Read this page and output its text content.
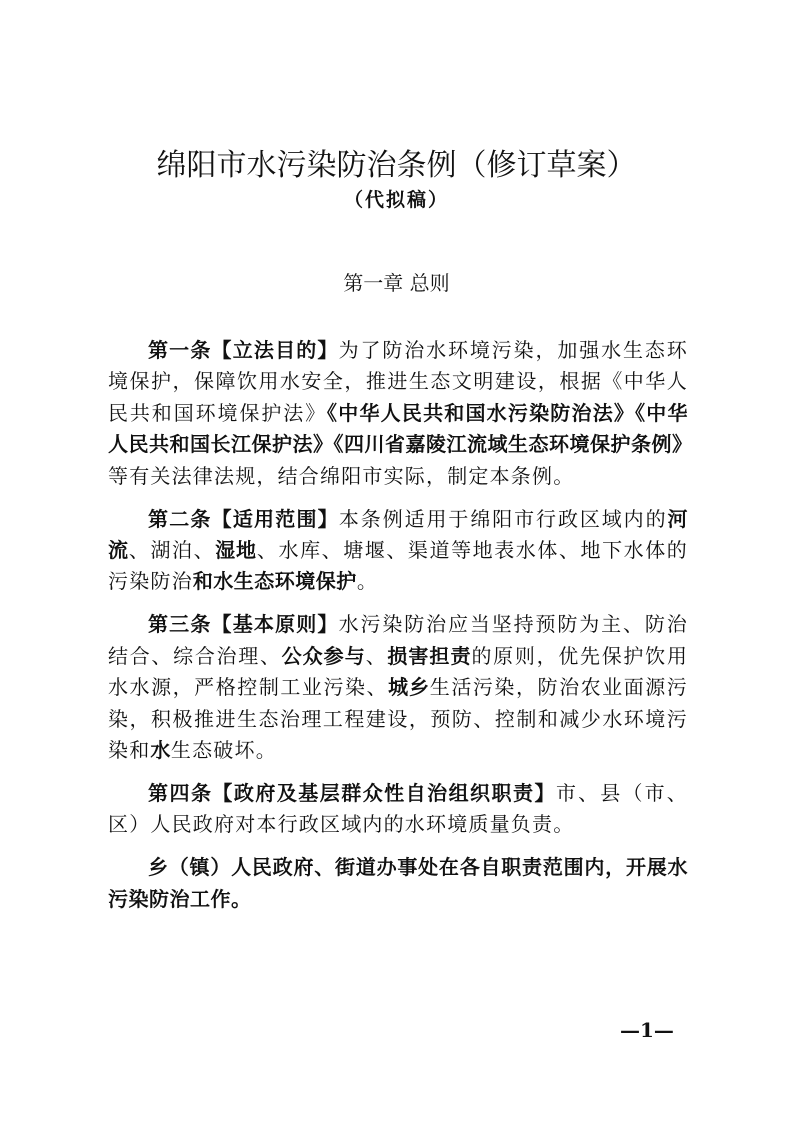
绵阳市水污染防治条例（修订草案）
（代拟稿）
第一章 总则

第一条【立法目的】为了防治水环境污染，加强水生态环境保护，保障饮用水安全，推进生态文明建设，根据《中华人民共和国环境保护法》《中华人民共和国水污染防治法》《中华人民共和国长江保护法》《四川省嘉陵江流域生态环境保护条例》等有关法律法规，结合绵阳市实际，制定本条例。

第二条【适用范围】本条例适用于绵阳市行政区域内的河流、湖泊、湿地、水库、塘堰、渠道等地表水体、地下水体的污染防治和水生态环境保护。

第三条【基本原则】水污染防治应当坚持预防为主、防治结合、综合治理、公众参与、损害担责的原则，优先保护饮用水水源，严格控制工业污染、城乡生活污染，防治农业面源污染，积极推进生态治理工程建设，预防、控制和减少水环境污染和水生态破坏。

第四条【政府及基层群众性自治组织职责】市、县（市、区）人民政府对本行政区域内的水环境质量负责。

乡（镇）人民政府、街道办事处在各自职责范围内，开展水污染防治工作。

—1—
